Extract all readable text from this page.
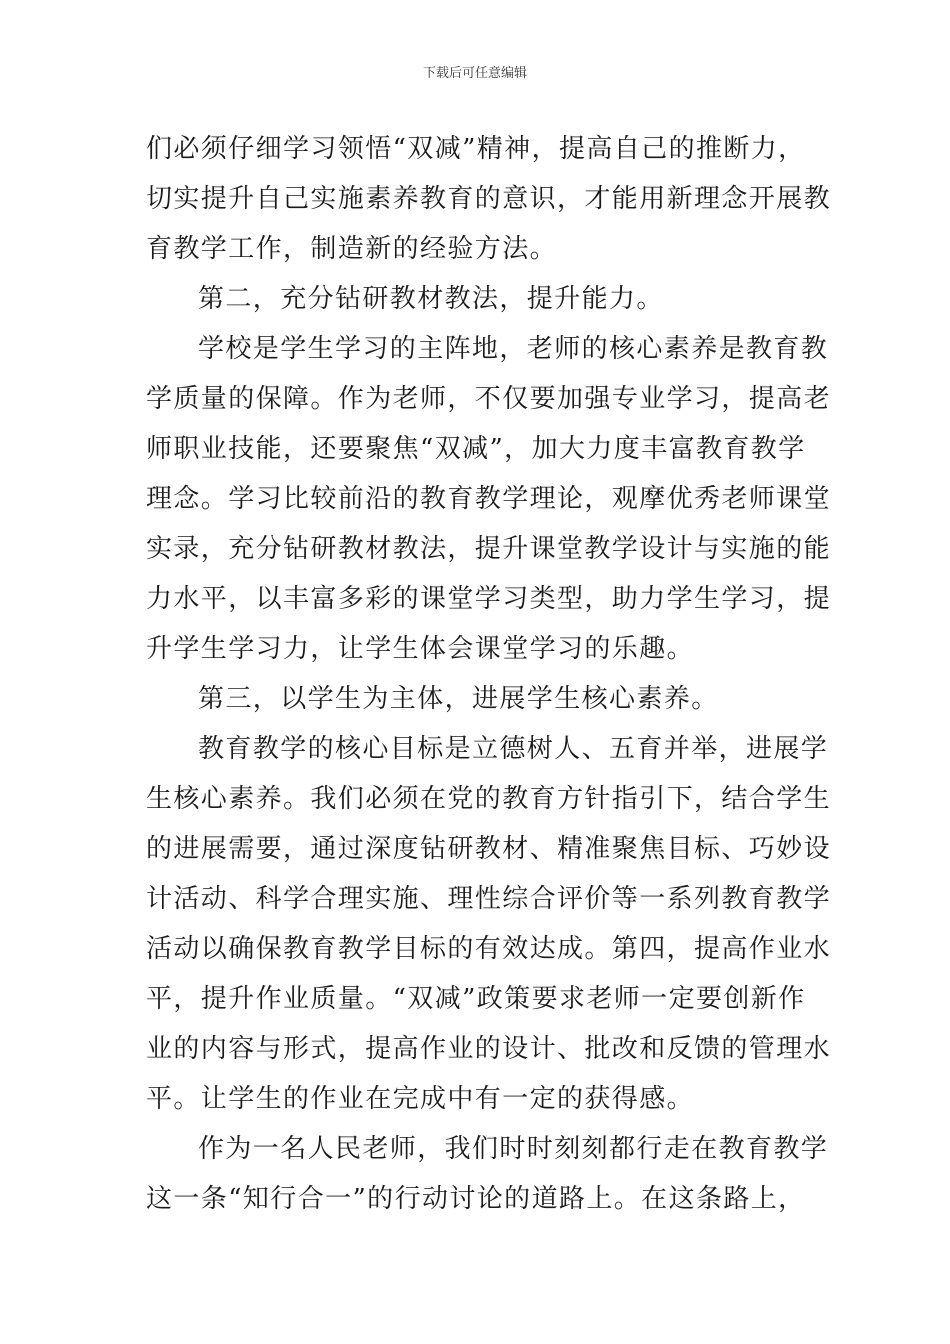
下载后可任意编辑
们必须仔细学习领悟“双减”精神，提高自己的推断力，
切实提升自己实施素养教育的意识，才能用新理念开展教
育教学工作，制造新的经验方法。
第二，充分钻研教材教法，提升能力。
学校是学生学习的主阵地，老师的核心素养是教育教
学质量的保障。作为老师，不仅要加强专业学习，提高老
师职业技能，还要聚焦“双减”，加大力度丰富教育教学
理念。学习比较前沿的教育教学理论，观摩优秀老师课堂
实录，充分钻研教材教法，提升课堂教学设计与实施的能
力水平，以丰富多彩的课堂学习类型，助力学生学习，提
升学生学习力，让学生体会课堂学习的乐趣。
第三，以学生为主体，进展学生核心素养。
教育教学的核心目标是立德树人、五育并举，进展学
生核心素养。我们必须在党的教育方针指引下，结合学生
的进展需要，通过深度钻研教材、精准聚焦目标、巧妙设
计活动、科学合理实施、理性综合评价等一系列教育教学
活动以确保教育教学目标的有效达成。第四，提高作业水
平，提升作业质量。“双减”政策要求老师一定要创新作
业的内容与形式，提高作业的设计、批改和反馈的管理水
平。让学生的作业在完成中有一定的获得感。
作为一名人民老师，我们时时刻刻都行走在教育教学
这一条“知行合一”的行动讨论的道路上。在这条路上，
